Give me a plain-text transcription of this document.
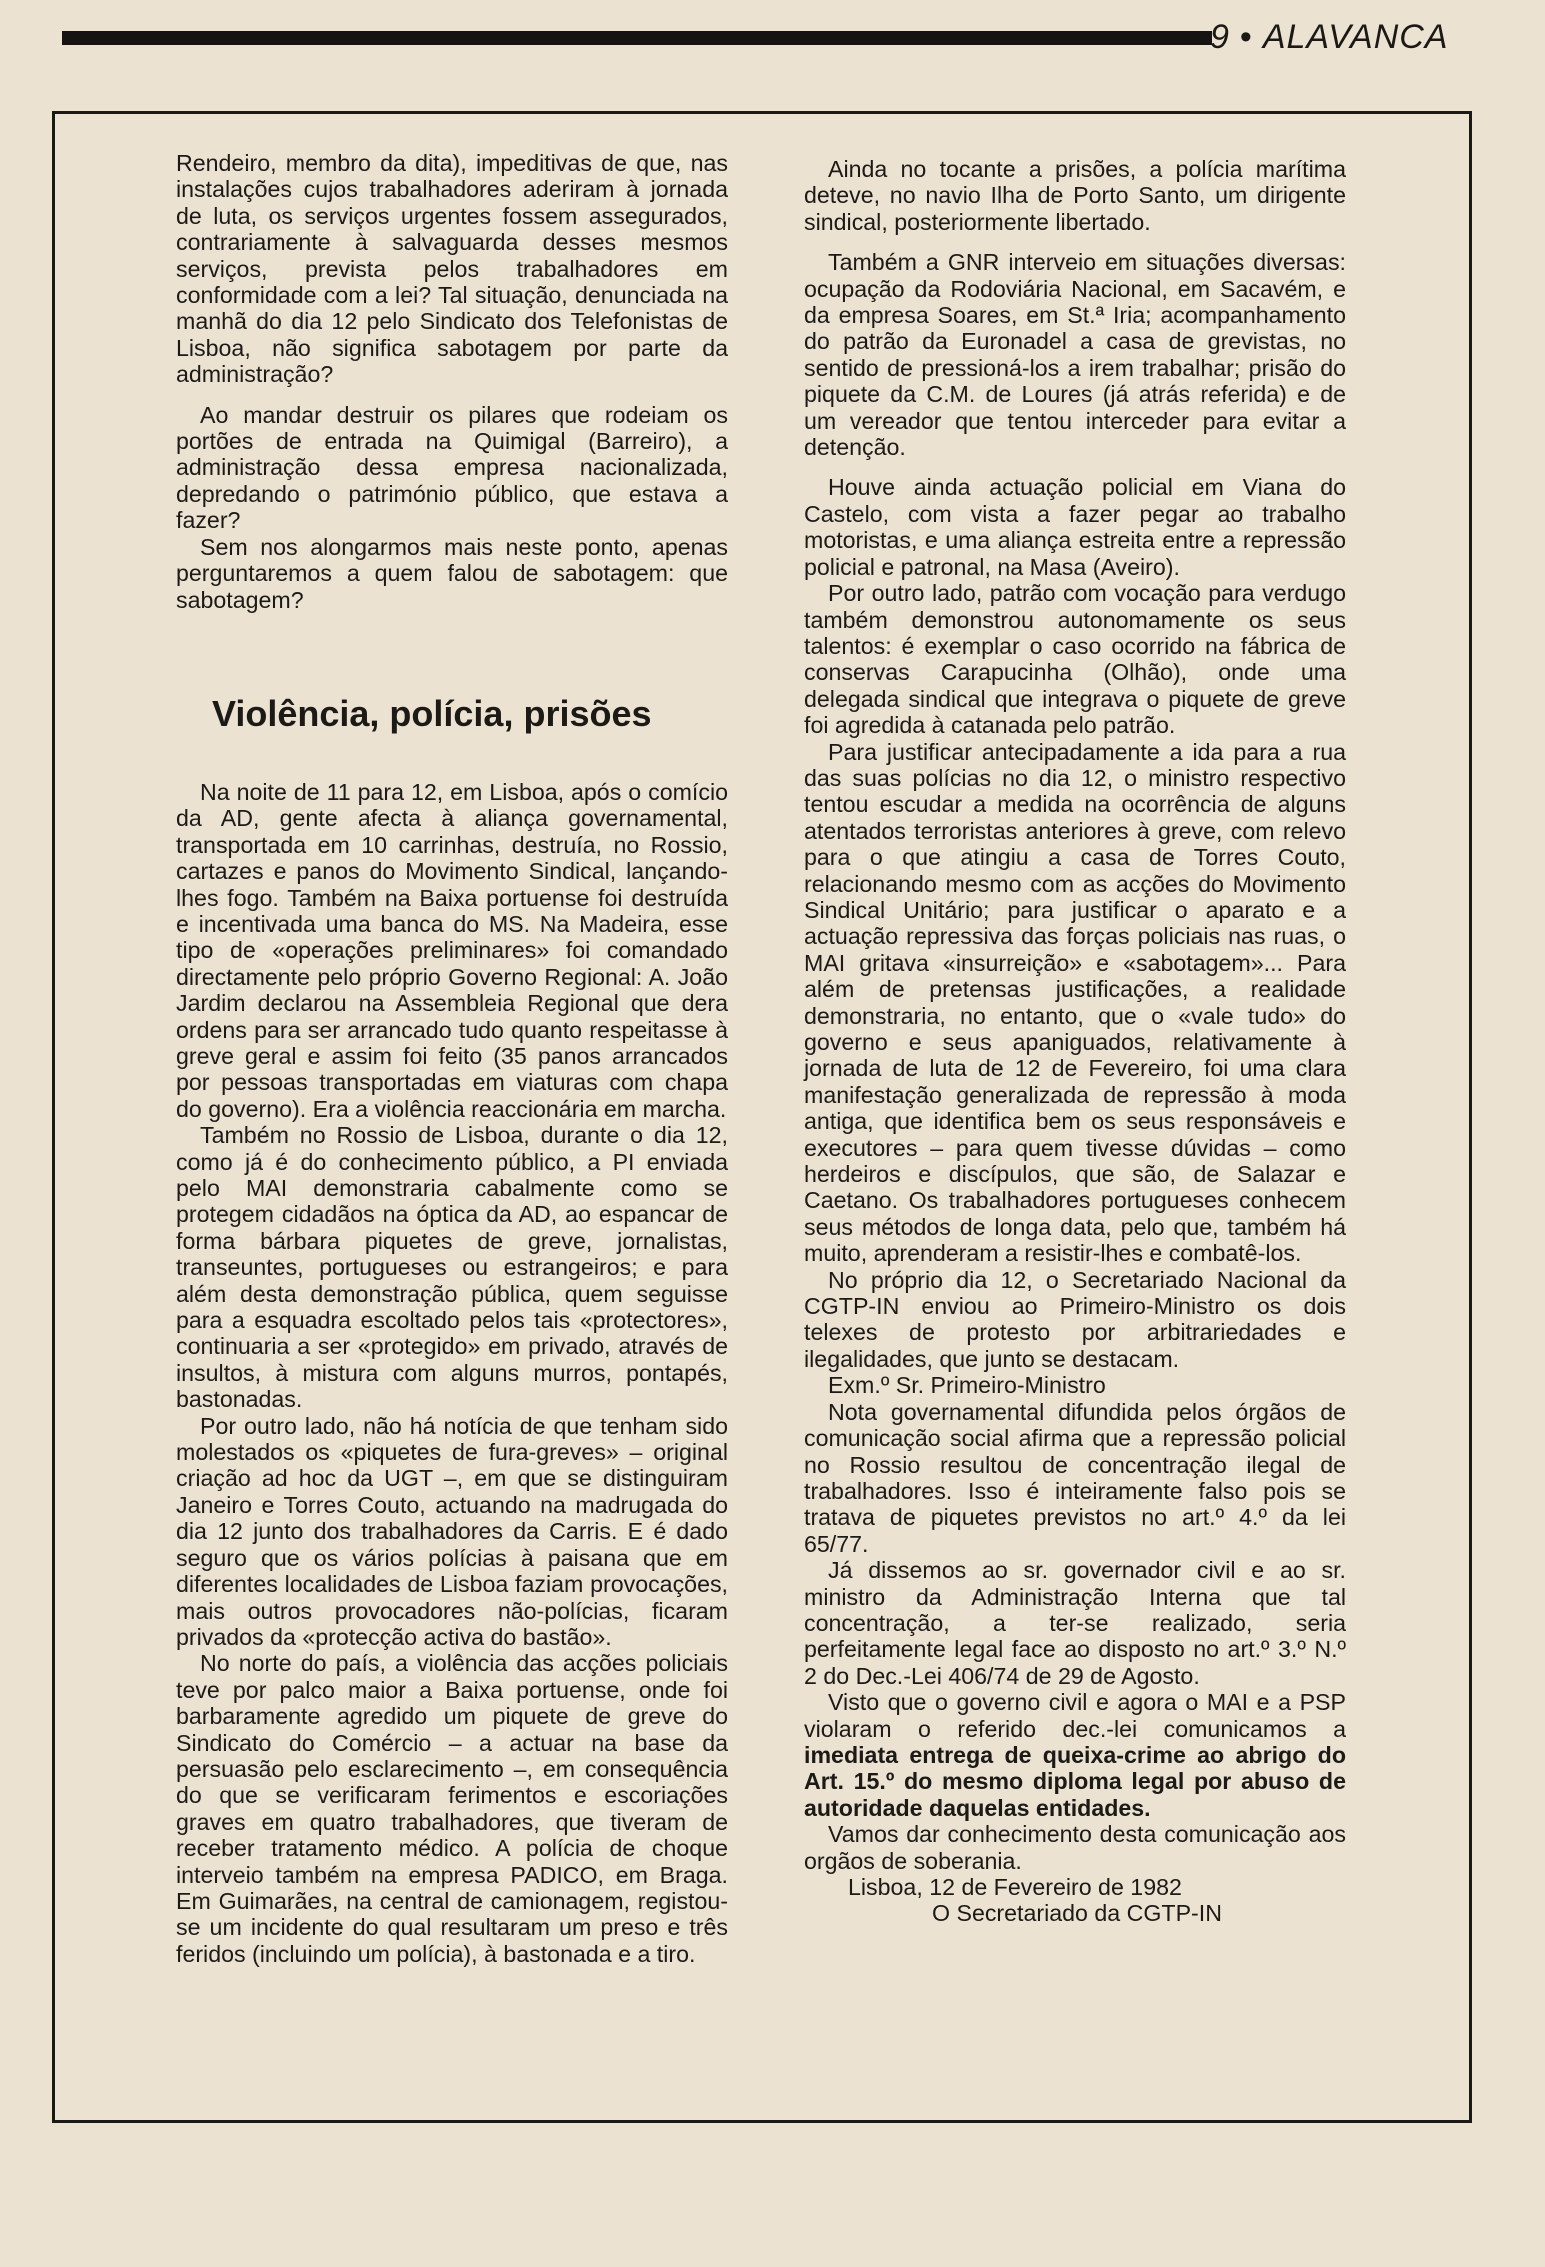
9 • ALAVANCA

Rendeiro, membro da dita), impeditivas de que, nas instalações cujos trabalhadores aderiram à jornada de luta, os serviços urgentes fossem assegurados, contrariamente à salvaguarda desses mesmos serviços, prevista pelos trabalhadores em conformidade com a lei? Tal situação, denunciada na manhã do dia 12 pelo Sindicato dos Telefonistas de Lisboa, não significa sabotagem por parte da administração?

Ao mandar destruir os pilares que rodeiam os portões de entrada na Quimigal (Barreiro), a administração dessa empresa nacionalizada, depredando o património público, que estava a fazer?

Sem nos alongarmos mais neste ponto, apenas perguntaremos a quem falou de sabotagem: que sabotagem?

Violência, polícia, prisões

Na noite de 11 para 12, em Lisboa, após o comício da AD, gente afecta à aliança governamental, transportada em 10 carrinhas, destruía, no Rossio, cartazes e panos do Movimento Sindical, lançando-lhes fogo. Também na Baixa portuense foi destruída e incentivada uma banca do MS. Na Madeira, esse tipo de «operações preliminares» foi comandado directamente pelo próprio Governo Regional: A. João Jardim declarou na Assembleia Regional que dera ordens para ser arrancado tudo quanto respeitasse à greve geral e assim foi feito (35 panos arrancados por pessoas transportadas em viaturas com chapa do governo). Era a violência reaccionária em marcha.

Também no Rossio de Lisboa, durante o dia 12, como já é do conhecimento público, a PI enviada pelo MAI demonstraria cabalmente como se protegem cidadãos na óptica da AD, ao espancar de forma bárbara piquetes de greve, jornalistas, transeuntes, portugueses ou estrangeiros; e para além desta demonstração pública, quem seguisse para a esquadra escoltado pelos tais «protectores», continuaria a ser «protegido» em privado, através de insultos, à mistura com alguns murros, pontapés, bastonadas.

Por outro lado, não há notícia de que tenham sido molestados os «piquetes de fura-greves» – original criação ad hoc da UGT –, em que se distinguiram Janeiro e Torres Couto, actuando na madrugada do dia 12 junto dos trabalhadores da Carris. E é dado seguro que os vários polícias à paisana que em diferentes localidades de Lisboa faziam provocações, mais outros provocadores não-polícias, ficaram privados da «protecção activa do bastão».

No norte do país, a violência das acções policiais teve por palco maior a Baixa portuense, onde foi barbaramente agredido um piquete de greve do Sindicato do Comércio – a actuar na base da persuasão pelo esclarecimento –, em consequência do que se verificaram ferimentos e escoriações graves em quatro trabalhadores, que tiveram de receber tratamento médico. A polícia de choque interveio também na empresa PADICO, em Braga. Em Guimarães, na central de camionagem, registou-se um incidente do qual resultaram um preso e três feridos (incluindo um polícia), à bastonada e a tiro.

Ainda no tocante a prisões, a polícia marítima deteve, no navio Ilha de Porto Santo, um dirigente sindical, posteriormente libertado.

Também a GNR interveio em situações diversas: ocupação da Rodoviária Nacional, em Sacavém, e da empresa Soares, em St.ª Iria; acompanhamento do patrão da Euronadel a casa de grevistas, no sentido de pressioná-los a irem trabalhar; prisão do piquete da C.M. de Loures (já atrás referida) e de um vereador que tentou interceder para evitar a detenção.

Houve ainda actuação policial em Viana do Castelo, com vista a fazer pegar ao trabalho motoristas, e uma aliança estreita entre a repressão policial e patronal, na Masa (Aveiro).

Por outro lado, patrão com vocação para verdugo também demonstrou autonomamente os seus talentos: é exemplar o caso ocorrido na fábrica de conservas Carapucinha (Olhão), onde uma delegada sindical que integrava o piquete de greve foi agredida à catanada pelo patrão.

Para justificar antecipadamente a ida para a rua das suas polícias no dia 12, o ministro respectivo tentou escudar a medida na ocorrência de alguns atentados terroristas anteriores à greve, com relevo para o que atingiu a casa de Torres Couto, relacionando mesmo com as acções do Movimento Sindical Unitário; para justificar o aparato e a actuação repressiva das forças policiais nas ruas, o MAI gritava «insurreição» e «sabotagem»... Para além de pretensas justificações, a realidade demonstraria, no entanto, que o «vale tudo» do governo e seus apaniguados, relativamente à jornada de luta de 12 de Fevereiro, foi uma clara manifestação generalizada de repressão à moda antiga, que identifica bem os seus responsáveis e executores – para quem tivesse dúvidas – como herdeiros e discípulos, que são, de Salazar e Caetano. Os trabalhadores portugueses conhecem seus métodos de longa data, pelo que, também há muito, aprenderam a resistir-lhes e combatê-los.

No próprio dia 12, o Secretariado Nacional da CGTP-IN enviou ao Primeiro-Ministro os dois telexes de protesto por arbitrariedades e ilegalidades, que junto se destacam.

Exm.º Sr. Primeiro-Ministro

Nota governamental difundida pelos órgãos de comunicação social afirma que a repressão policial no Rossio resultou de concentração ilegal de trabalhadores. Isso é inteiramente falso pois se tratava de piquetes previstos no art.º 4.º da lei 65/77.

Já dissemos ao sr. governador civil e ao sr. ministro da Administração Interna que tal concentração, a ter-se realizado, seria perfeitamente legal face ao disposto no art.º 3.º N.º 2 do Dec.-Lei 406/74 de 29 de Agosto.

Visto que o governo civil e agora o MAI e a PSP violaram o referido dec.-lei comunicamos a imediata entrega de queixa-crime ao abrigo do Art. 15.º do mesmo diploma legal por abuso de autoridade daquelas entidades.

Vamos dar conhecimento desta comunicação aos orgãos de soberania.

Lisboa, 12 de Fevereiro de 1982

O Secretariado da CGTP-IN
